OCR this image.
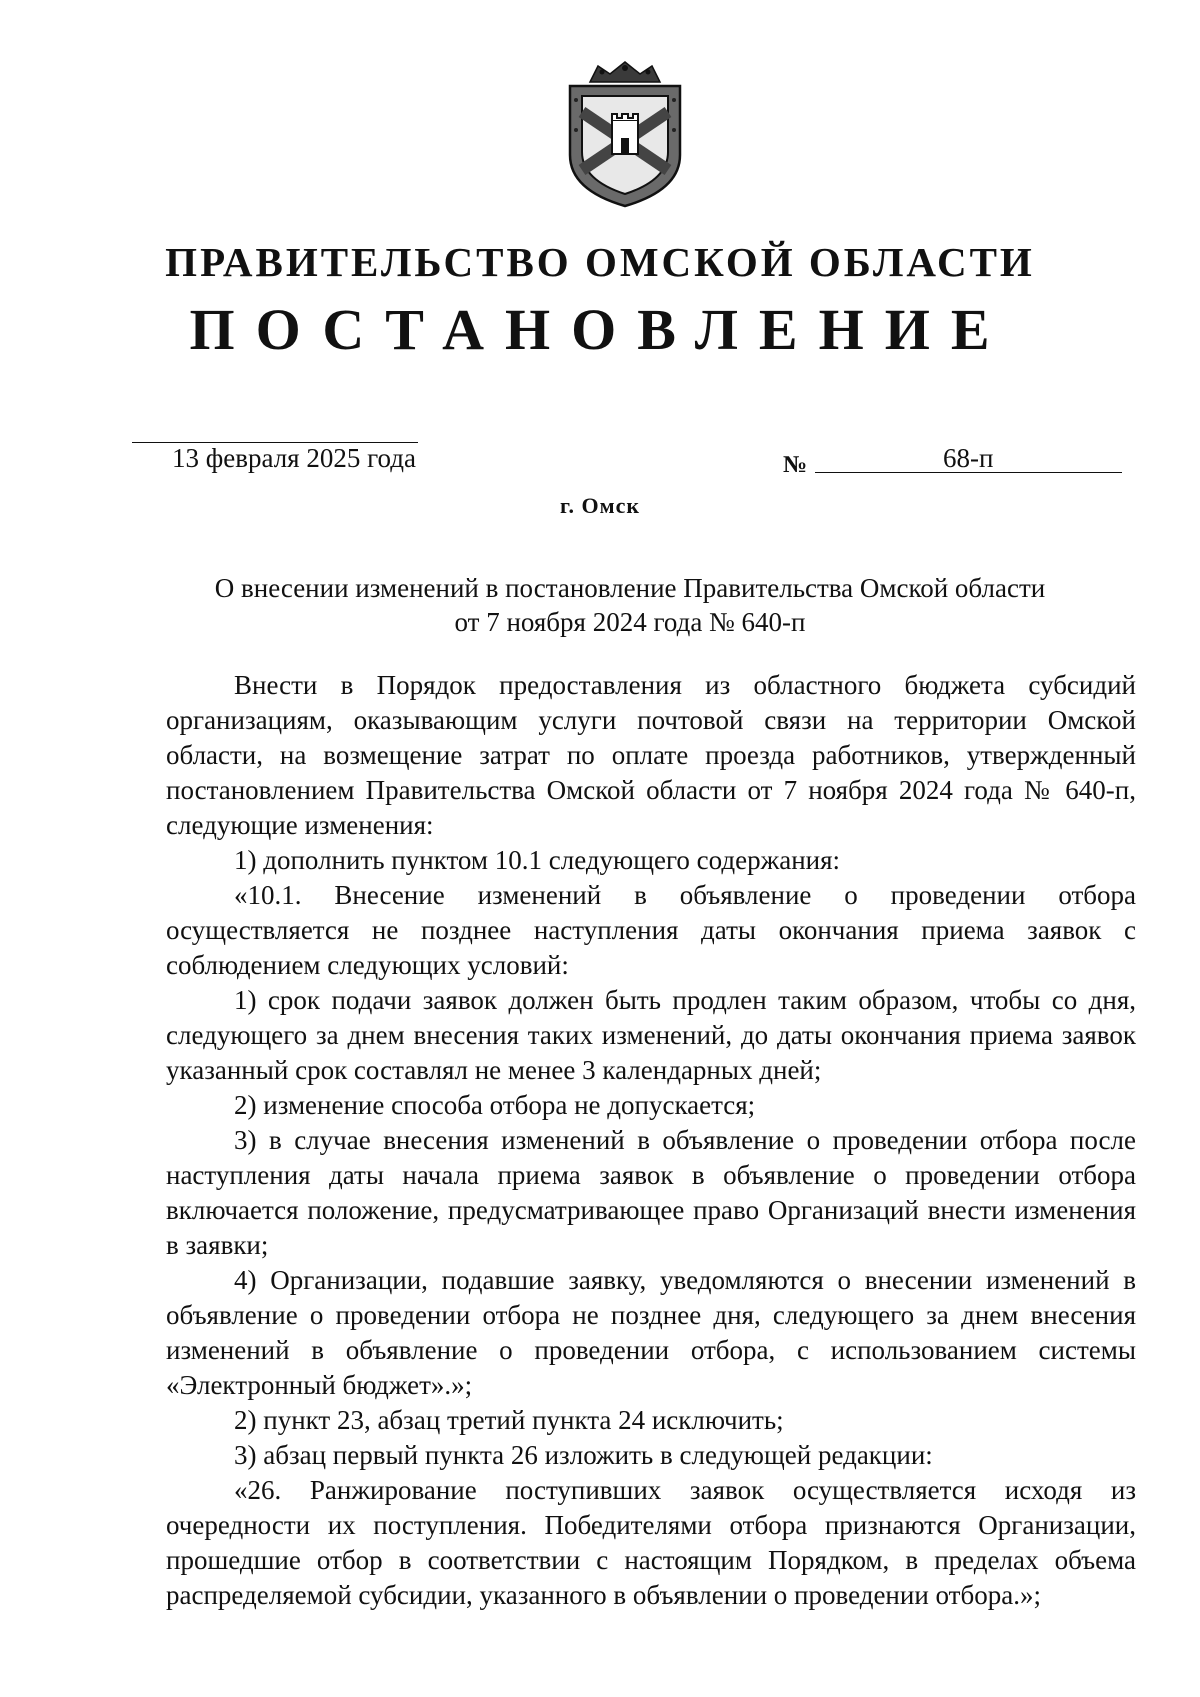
ПРАВИТЕЛЬСТВО ОМСКОЙ ОБЛАСТИ
ПОСТАНОВЛЕНИЕ
13 февраля 2025 года	№	68-п
г. Омск
О внесении изменений в постановление Правительства Омской области
от 7 ноября 2024 года № 640-п

Внести в Порядок предоставления из областного бюджета субсидий организациям, оказывающим услуги почтовой связи на территории Омской области, на возмещение затрат по оплате проезда работников, утвержденный постановлением Правительства Омской области от 7 ноября 2024 года № 640-п, следующие изменения:

1) дополнить пунктом 10.1 следующего содержания:

«10.1. Внесение изменений в объявление о проведении отбора осуществляется не позднее наступления даты окончания приема заявок с соблюдением следующих условий:

1) срок подачи заявок должен быть продлен таким образом, чтобы со дня, следующего за днем внесения таких изменений, до даты окончания приема заявок указанный срок составлял не менее 3 календарных дней;

2) изменение способа отбора не допускается;

3) в случае внесения изменений в объявление о проведении отбора после наступления даты начала приема заявок в объявление о проведении отбора включается положение, предусматривающее право Организаций внести изменения в заявки;

4) Организации, подавшие заявку, уведомляются о внесении изменений в объявление о проведении отбора не позднее дня, следующего за днем внесения изменений в объявление о проведении отбора, с использованием системы «Электронный бюджет».»;

2) пункт 23, абзац третий пункта 24 исключить;

3) абзац первый пункта 26 изложить в следующей редакции:

«26. Ранжирование поступивших заявок осуществляется исходя из очередности их поступления. Победителями отбора признаются Организации, прошедшие отбор в соответствии с настоящим Порядком, в пределах объема распределяемой субсидии, указанного в объявлении о проведении отбора.»;
